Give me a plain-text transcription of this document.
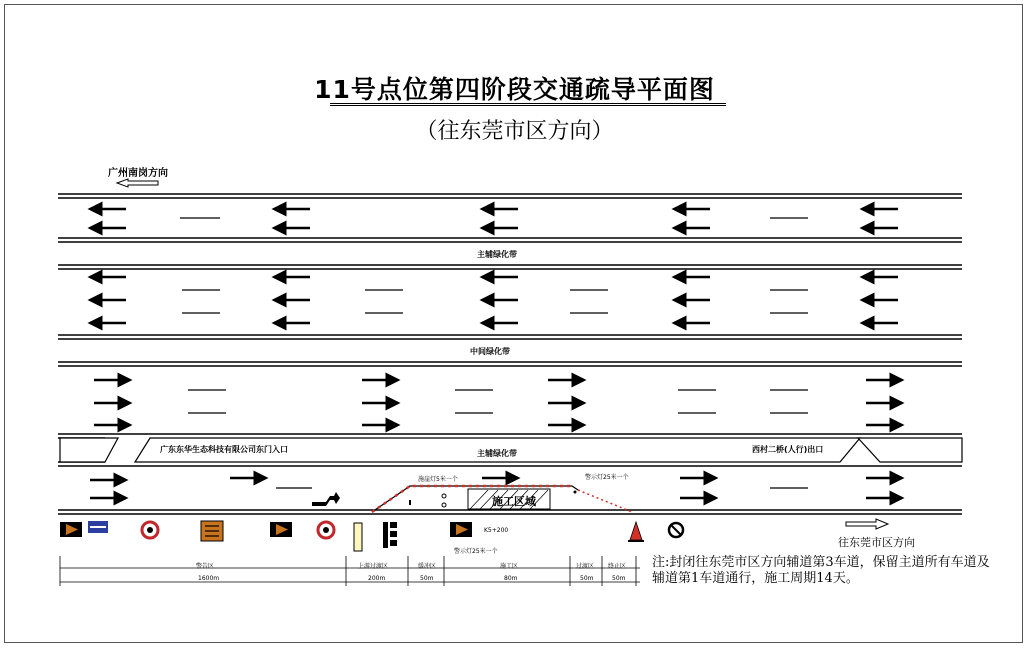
11号点位第四阶段交通疏导平面图
（往东莞市区方向）
广州南岗方向
往东莞市区方向
主辅绿化带
中间绿化带
主辅绿化带
广东东华生态科技有限公司东门入口	西村二桥(人行)出口
施崖灯5米一个	警示灯25米一个
施工区域
K5+200
警示灯25米一个
警告区	上游过渡区	缓冲区	施工区	过渡区 终止区
1600m	200m	50m	80m	50m	50m
注:封闭往东莞市区方向辅道第3车道，保留主道所有车道及辅道第1车道通行，施工周期14天。
